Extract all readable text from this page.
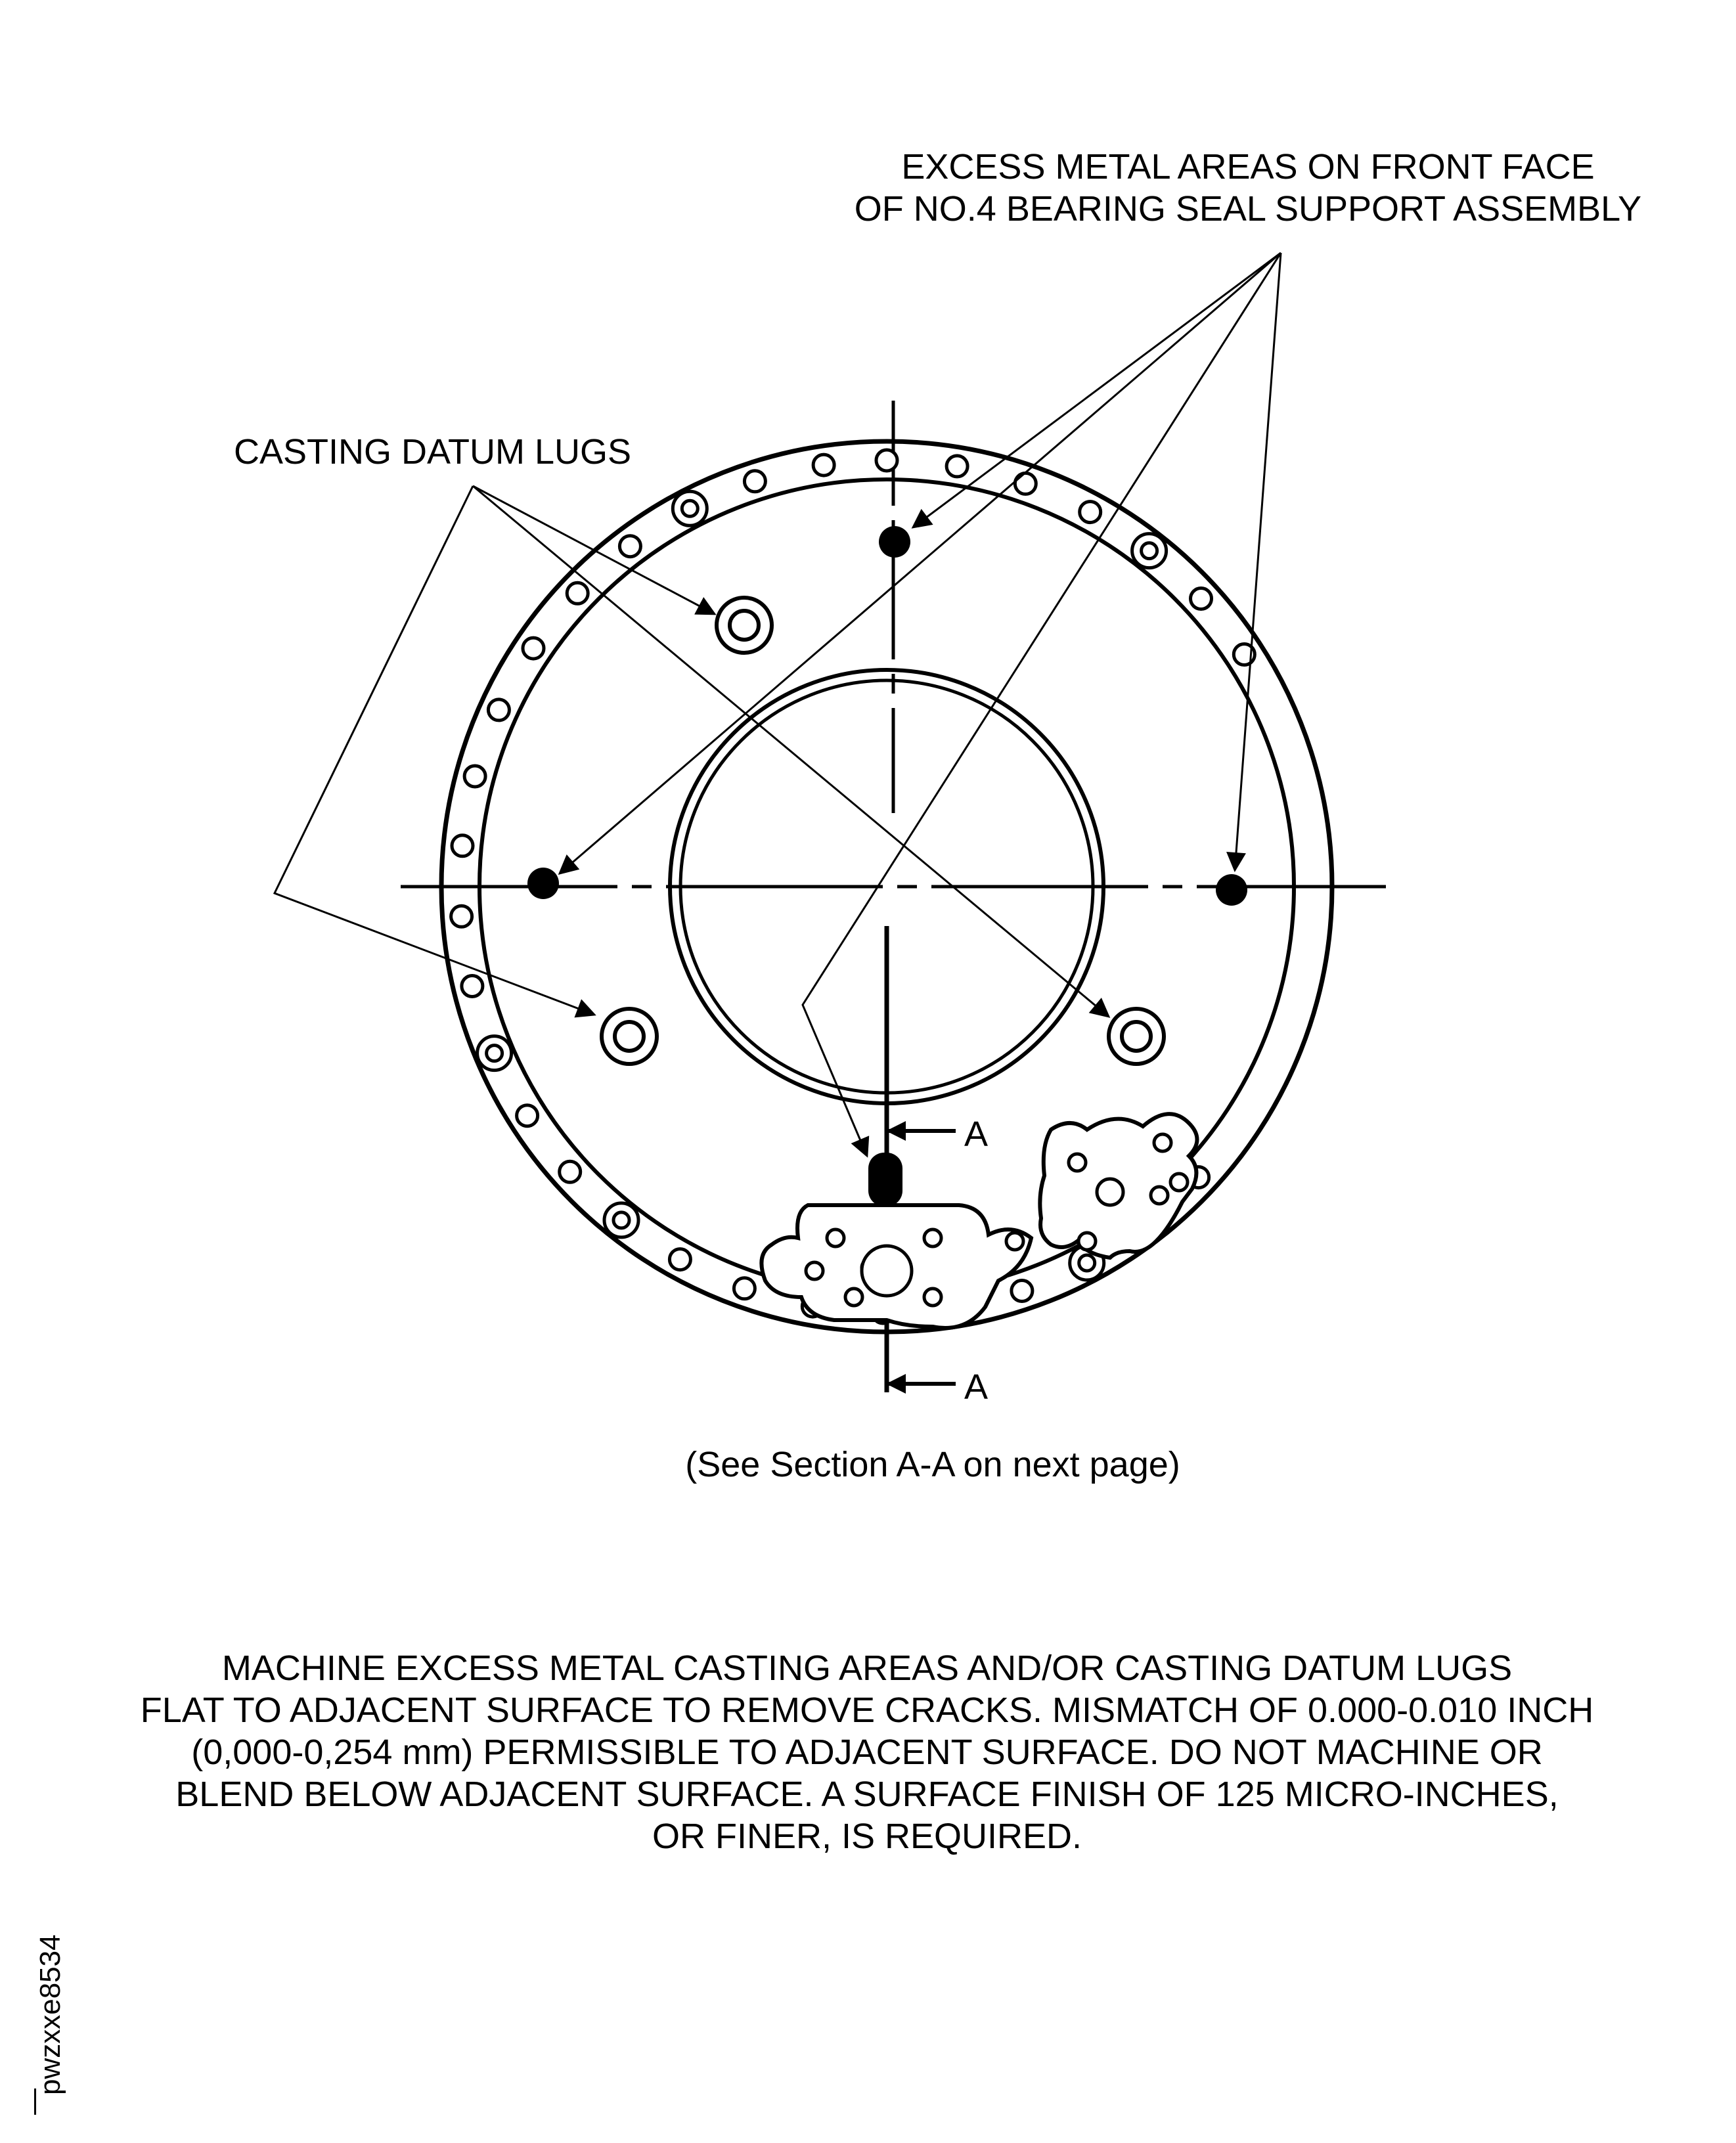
A
A
EXCESS METAL AREAS ON FRONT FACE
OF NO.4 BEARING SEAL SUPPORT ASSEMBLY
CASTING DATUM LUGS
(See Section A-A on next page)
MACHINE EXCESS METAL CASTING AREAS AND/OR CASTING DATUM LUGS
FLAT TO ADJACENT SURFACE TO REMOVE CRACKS. MISMATCH OF 0.000-0.010 INCH
(0,000-0,254 mm) PERMISSIBLE TO ADJACENT SURFACE. DO NOT MACHINE OR
BLEND BELOW ADJACENT SURFACE. A SURFACE FINISH OF 125 MICRO-INCHES,
OR FINER, IS REQUIRED.
pwzxxe8534
